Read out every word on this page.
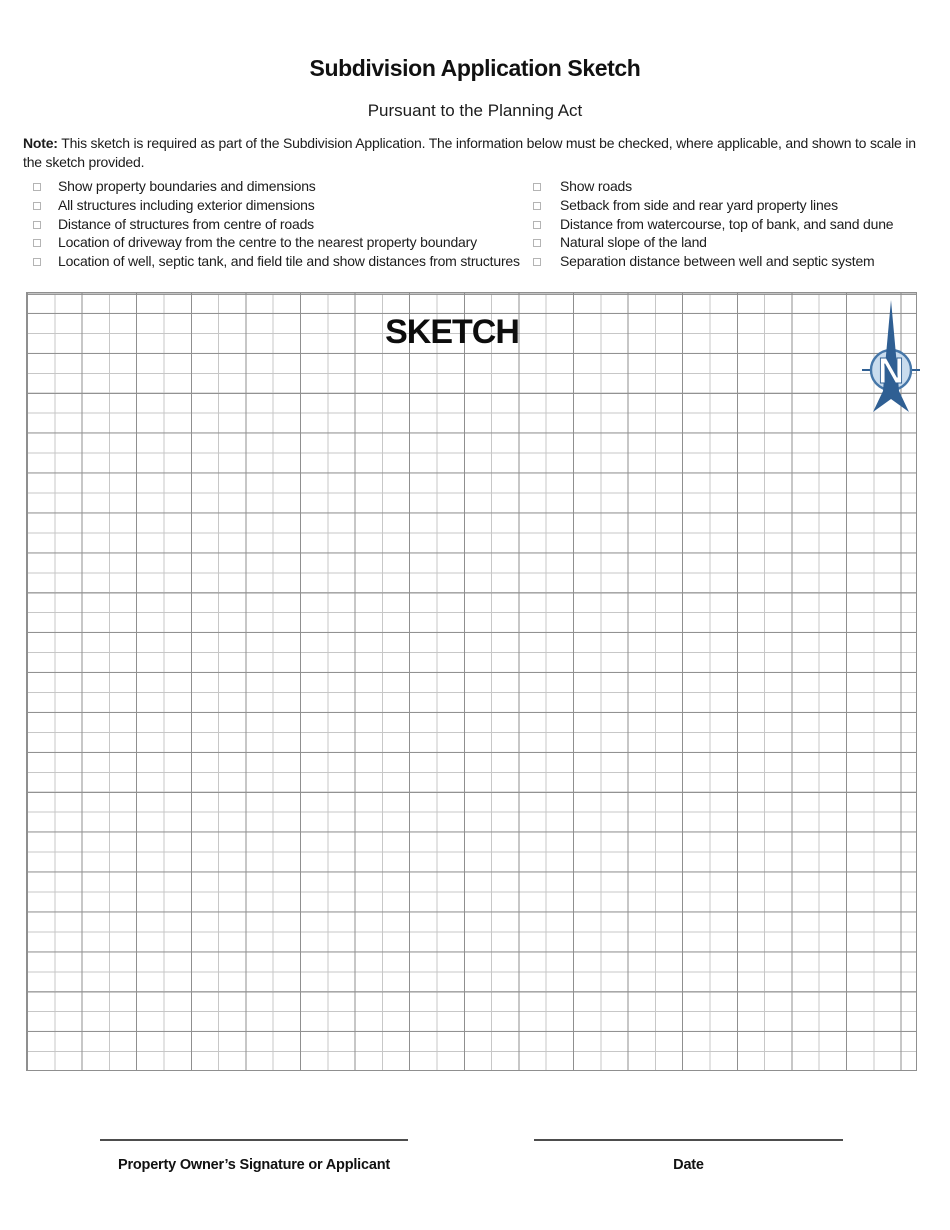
Subdivision Application Sketch
Pursuant to the Planning Act

Note: This sketch is required as part of the Subdivision Application. The information below must be checked, where applicable, and shown to scale in the sketch provided.

Show property boundaries and dimensions
All structures including exterior dimensions
Distance of structures from centre of roads
Location of driveway from the centre to the nearest property boundary
Location of well, septic tank, and field tile and show distances from structures
Show roads
Setback from side and rear yard property lines
Distance from watercourse, top of bank, and sand dune
Natural slope of the land
Separation distance between well and septic system
SKETCH
N
Property Owner’s Signature or Applicant	Date
